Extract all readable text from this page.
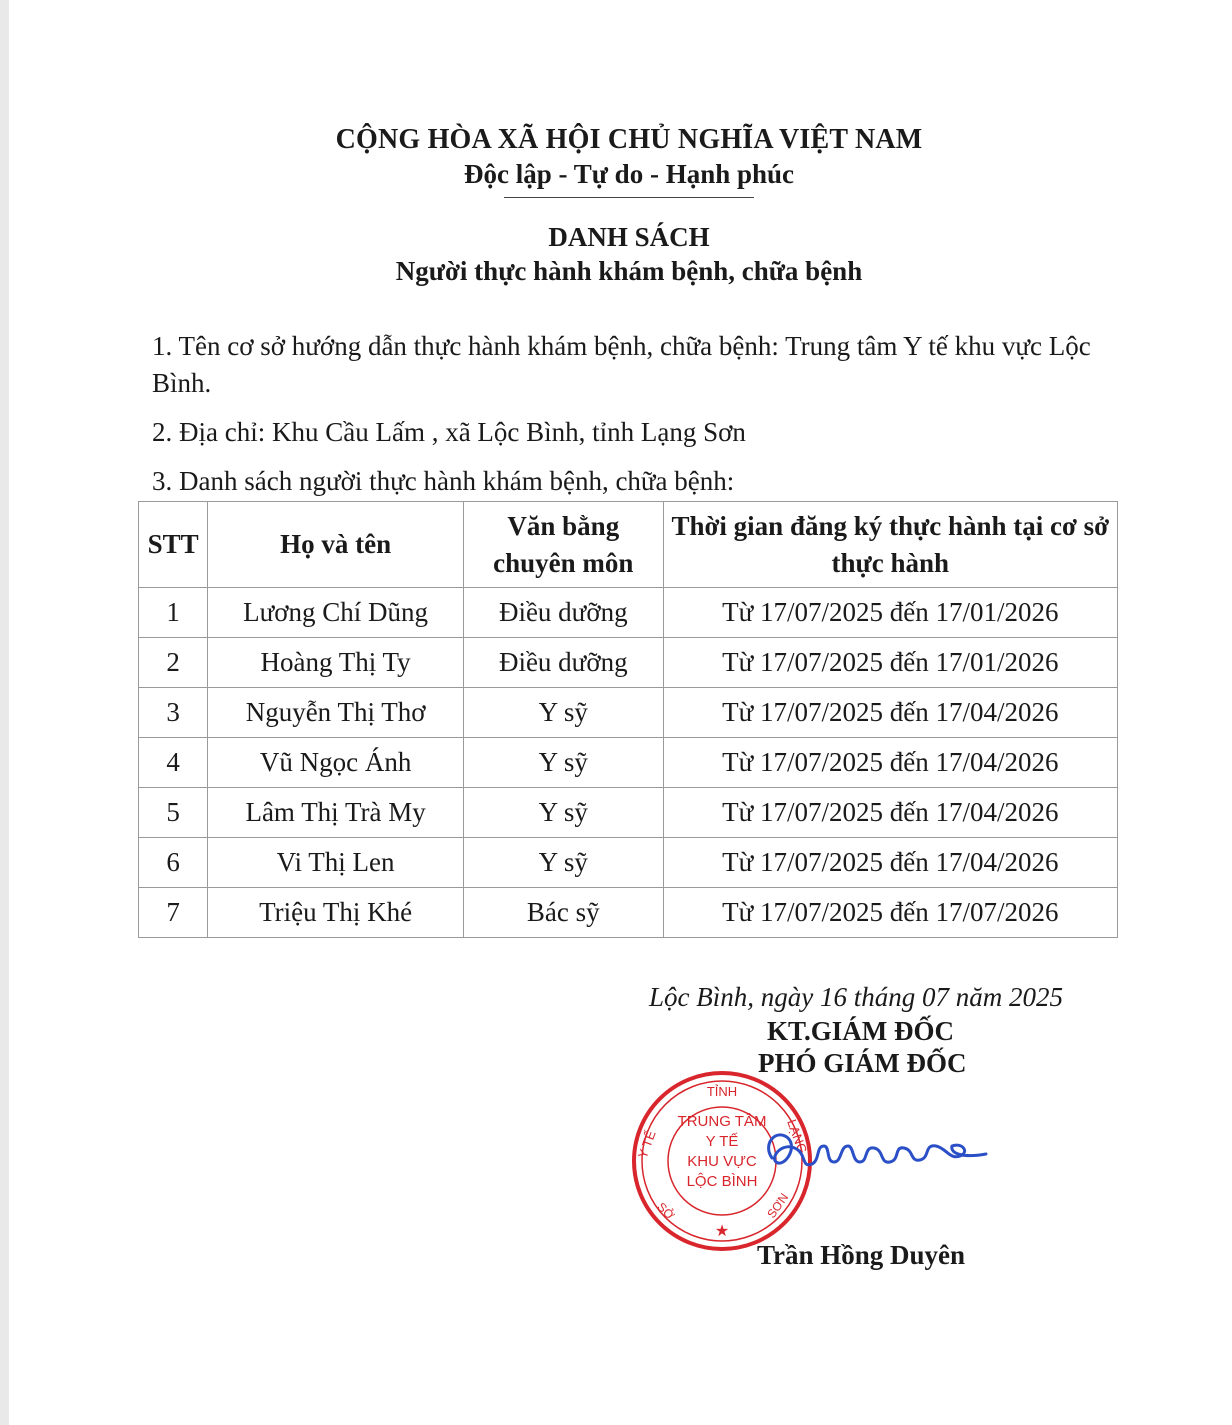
CỘNG HÒA XÃ HỘI CHỦ NGHĨA VIỆT NAM
Độc lập - Tự do - Hạnh phúc
DANH SÁCH
Người thực hành khám bệnh, chữa bệnh
1. Tên cơ sở hướng dẫn thực hành khám bệnh, chữa bệnh: Trung tâm Y tế khu vực Lộc Bình.
2. Địa chỉ: Khu Cầu Lấm , xã Lộc Bình, tỉnh Lạng Sơn
3. Danh sách người thực hành khám bệnh, chữa bệnh:
STT	Họ và tên	Văn bằng chuyên môn	Thời gian đăng ký thực hành tại cơ sở thực hành
1	Lương Chí Dũng	Điều dưỡng	Từ 17/07/2025 đến 17/01/2026
2	Hoàng Thị Ty	Điều dưỡng	Từ 17/07/2025 đến 17/01/2026
3	Nguyễn Thị Thơ	Y sỹ	Từ 17/07/2025 đến 17/04/2026
4	Vũ Ngọc Ánh	Y sỹ	Từ 17/07/2025 đến 17/04/2026
5	Lâm Thị Trà My	Y sỹ	Từ 17/07/2025 đến 17/04/2026
6	Vi Thị Len	Y sỹ	Từ 17/07/2025 đến 17/04/2026
7	Triệu Thị Khé	Bác sỹ	Từ 17/07/2025 đến 17/07/2026
Lộc Bình, ngày 16 tháng 07 năm 2025
KT.GIÁM ĐỐC
PHÓ GIÁM ĐỐC
TRUNG TÂM
Y TẾ
KHU VỰC
LỘC BÌNH
TỈNH
Y TẾ	LẠNG
SỞ	SƠN
★
Trần Hồng Duyên
